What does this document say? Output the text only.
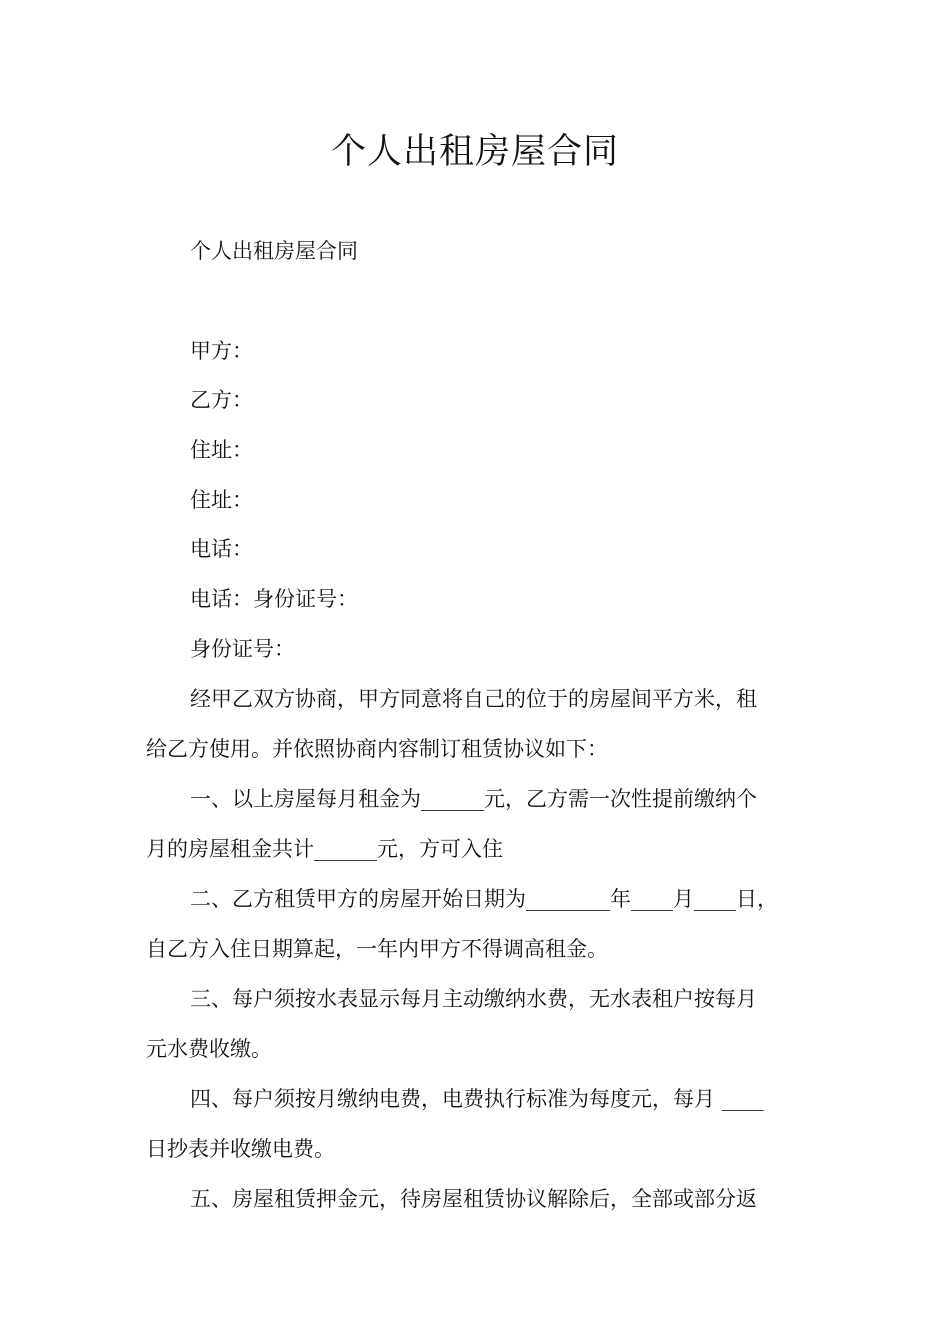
个人出租房屋合同

个人出租房屋合同

甲方：

乙方：

住址：

住址：

电话：

电话：身份证号：

身份证号：

经甲乙双方协商，甲方同意将自己的位于的房屋间平方米，租

给乙方使用。并依照协商内容制订租赁协议如下：

一、以上房屋每月租金为______元，乙方需一次性提前缴纳个

月的房屋租金共计______元，方可入住

二、乙方租赁甲方的房屋开始日期为________年____月____日，

自乙方入住日期算起，一年内甲方不得调高租金。

三、每户须按水表显示每月主动缴纳水费，无水表租户按每月

元水费收缴。

四、每户须按月缴纳电费，电费执行标准为每度元，每月 ____

日抄表并收缴电费。

五、房屋租赁押金元，待房屋租赁协议解除后，全部或部分返
